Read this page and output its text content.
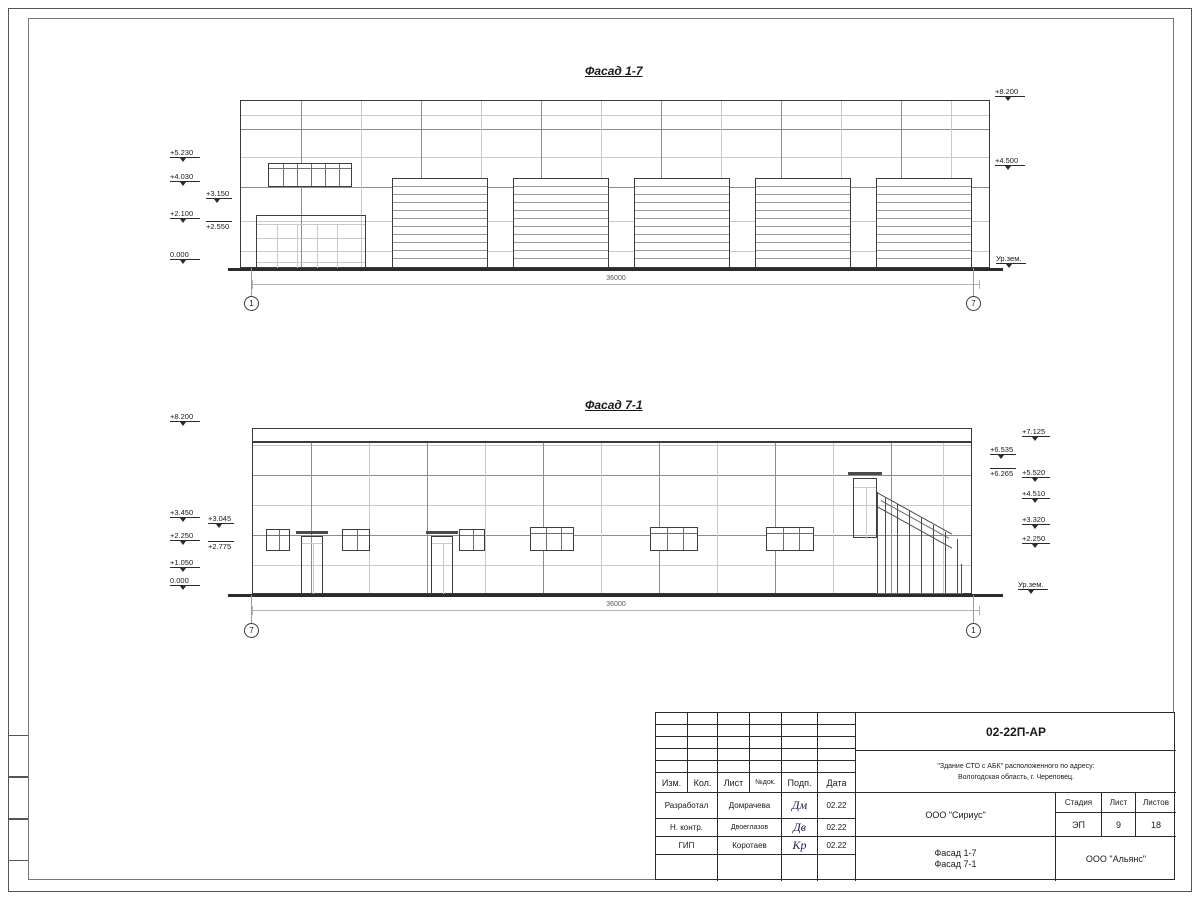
Фасад 1-7
+5.230
+4.030
+3.150
+2.100
+2.550
0.000
+8.200
+4.500
Ур.зем.
36000
1	7
Фасад 7-1
+8.200
+3.450
+3.045
+2.250
+2.775
+1.050
0.000
+7.125
+6.535
+6.265	+5.520
+4.510
+3.320
+2.250
Ур.зем.
36000
7	1
Изм.	Кол.	Лист	№док.	Подп.	Дата
Разработал	Домрачева	Дм	02.22
Н. контр.	Двоеглазов	Дв	02.22
ГИП	Коротаев	Кр	02.22
02-22П-АР
"Здание СТО с АБК" расположенного по адресу:
Вологодская область, г. Череповец.
ООО "Сириус"
Фасад 1-7
Фасад 7-1
Стадия	Лист	Листов
ЭП	9	18
ООО "Альянс"
